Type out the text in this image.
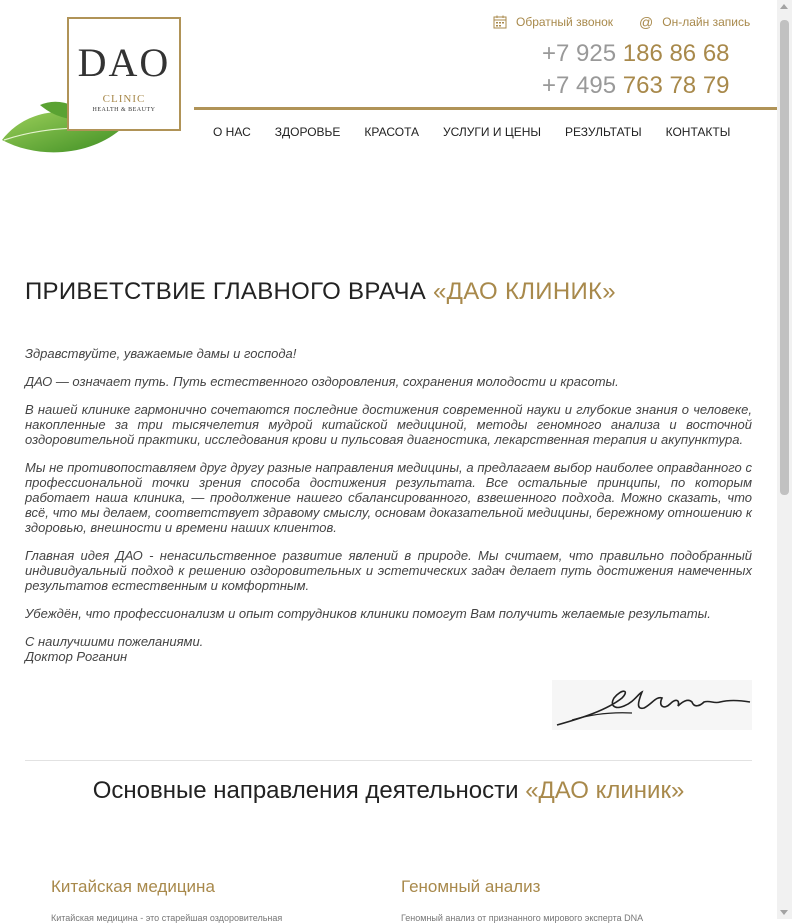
DAO
CLINIC
HEALTH & BEAUTY
Обратный звонок @ Он-лайн запись
+7 925 186 86 68
+7 495 763 78 79
О НАС ЗДОРОВЬЕ КРАСОТА УСЛУГИ И ЦЕНЫ РЕЗУЛЬТАТЫ КОНТАКТЫ
ПРИВЕТСТВИЕ ГЛАВНОГО ВРАЧА «ДАО КЛИНИК»

Здравствуйте, уважаемые дамы и господа!

ДАО — означает путь. Путь естественного оздоровления, сохранения молодости и красоты.

В нашей клинике гармонично сочетаются последние достижения современной науки и глубокие знания о человеке, накопленные за три тысячелетия мудрой китайской медициной, методы геномного анализа и восточной оздоровительной практики, исследования крови и пульсовая диагностика, лекарственная терапия и акупунктура.

Мы не противопоставляем друг другу разные направления медицины, а предлагаем выбор наиболее оправданного с профессиональной точки зрения способа достижения результата. Все остальные принципы, по которым работает наша клиника, — продолжение нашего сбалансированного, взвешенного подхода. Можно сказать, что всё, что мы делаем, соответствует здравому смыслу, основам доказательной медицины, бережному отношению к здоровью, внешности и времени наших клиентов.

Главная идея ДАО - ненасильственное развитие явлений в природе. Мы считаем, что правильно подобранный индивидуальный подход к решению оздоровительных и эстетических задач делает путь достижения намеченных результатов естественным и комфортным.

Убеждён, что профессионализм и опыт сотрудников клиники помогут Вам получить желаемые результаты.

С наилучшими пожеланиями.
Доктор Роганин

Основные направления деятельности «ДАО клиник»
Китайская медицина

Китайская медицина - это старейшая оздоровительная

Геномный анализ

Геномный анализ от признанного мирового эксперта DNA
